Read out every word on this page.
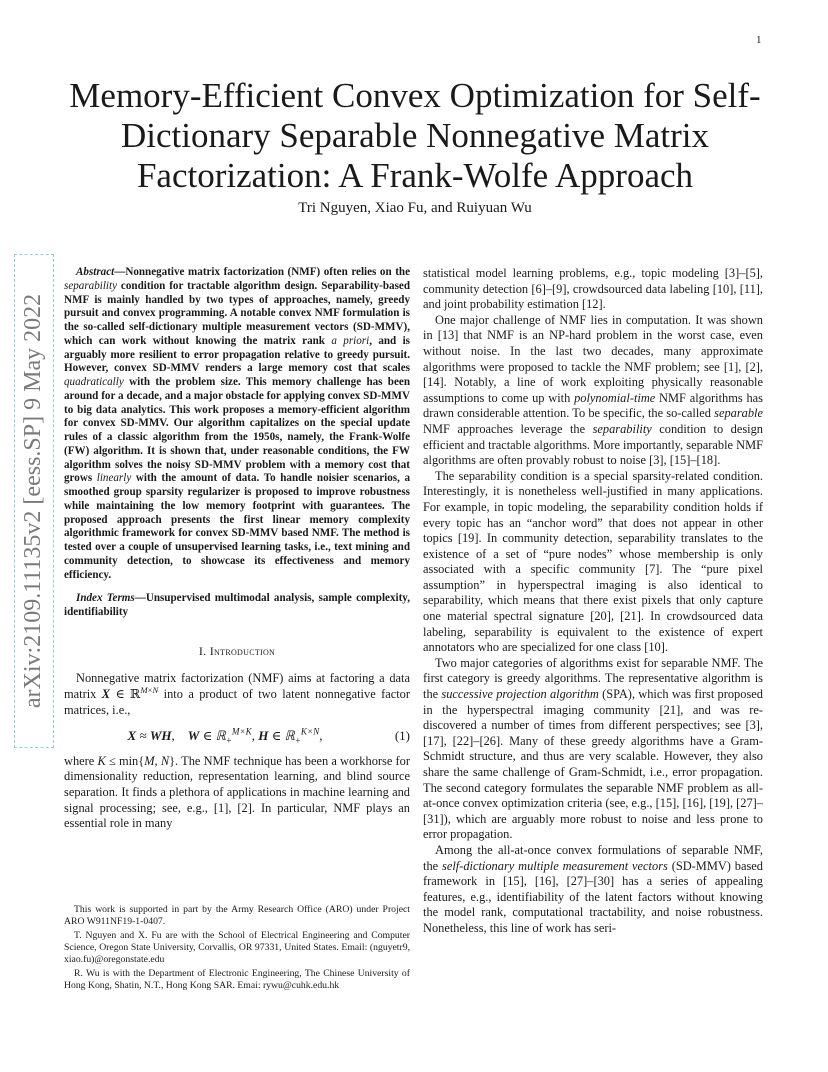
1
Memory-Efficient Convex Optimization for Self-Dictionary Separable Nonnegative Matrix Factorization: A Frank-Wolfe Approach
Tri Nguyen, Xiao Fu, and Ruiyuan Wu
arXiv:2109.11135v2 [eess.SP] 9 May 2022

Abstract—Nonnegative matrix factorization (NMF) often relies on the separability condition for tractable algorithm design. Separability-based NMF is mainly handled by two types of approaches, namely, greedy pursuit and convex programming. A notable convex NMF formulation is the so-called self-dictionary multiple measurement vectors (SD-MMV), which can work without knowing the matrix rank a priori, and is arguably more resilient to error propagation relative to greedy pursuit. However, convex SD-MMV renders a large memory cost that scales quadratically with the problem size. This memory challenge has been around for a decade, and a major obstacle for applying convex SD-MMV to big data analytics. This work proposes a memory-efficient algorithm for convex SD-MMV. Our algorithm capitalizes on the special update rules of a classic algorithm from the 1950s, namely, the Frank-Wolfe (FW) algorithm. It is shown that, under reasonable conditions, the FW algorithm solves the noisy SD-MMV problem with a memory cost that grows linearly with the amount of data. To handle noisier scenarios, a smoothed group sparsity regularizer is proposed to improve robustness while maintaining the low memory footprint with guarantees. The proposed approach presents the first linear memory complexity algorithmic framework for convex SD-MMV based NMF. The method is tested over a couple of unsupervised learning tasks, i.e., text mining and community detection, to showcase its effectiveness and memory efficiency.

Index Terms—Unsupervised multimodal analysis, sample complexity, identifiability

I. Introduction

Nonnegative matrix factorization (NMF) aims at factoring a data matrix X ∈ ℝ$^{M\times N}$ into a product of two latent nonnegative factor matrices, i.e.,

X ≈ WH,    W ∈ ℝ$_+^{M\times K}$, H ∈ ℝ$_+^{K\times N}$,	(1)

where K ≤ min{M, N}. The NMF technique has been a workhorse for dimensionality reduction, representation learning, and blind source separation. It finds a plethora of applications in machine learning and signal processing; see, e.g., [1], [2]. In particular, NMF plays an essential role in many

statistical model learning problems, e.g., topic modeling [3]–[5], community detection [6]–[9], crowdsourced data labeling [10], [11], and joint probability estimation [12].

One major challenge of NMF lies in computation. It was shown in [13] that NMF is an NP-hard problem in the worst case, even without noise. In the last two decades, many approximate algorithms were proposed to tackle the NMF problem; see [1], [2], [14]. Notably, a line of work exploiting physically reasonable assumptions to come up with polynomial-time NMF algorithms has drawn considerable attention. To be specific, the so-called separable NMF approaches leverage the separability condition to design efficient and tractable algorithms. More importantly, separable NMF algorithms are often provably robust to noise [3], [15]–[18].

The separability condition is a special sparsity-related condition. Interestingly, it is nonetheless well-justified in many applications. For example, in topic modeling, the separability condition holds if every topic has an “anchor word” that does not appear in other topics [19]. In community detection, separability translates to the existence of a set of “pure nodes” whose membership is only associated with a specific community [7]. The “pure pixel assumption” in hyperspectral imaging is also identical to separability, which means that there exist pixels that only capture one material spectral signature [20], [21]. In crowdsourced data labeling, separability is equivalent to the existence of expert annotators who are specialized for one class [10].

Two major categories of algorithms exist for separable NMF. The first category is greedy algorithms. The representative algorithm is the successive projection algorithm (SPA), which was first proposed in the hyperspectral imaging community [21], and was re-discovered a number of times from different perspectives; see [3], [17], [22]–[26]. Many of these greedy algorithms have a Gram-Schmidt structure, and thus are very scalable. However, they also share the same challenge of Gram-Schmidt, i.e., error propagation. The second category formulates the separable NMF problem as all-at-once convex optimization criteria (see, e.g., [15], [16], [19], [27]–[31]), which are arguably more robust to noise and less prone to error propagation.

Among the all-at-once convex formulations of separable NMF, the self-dictionary multiple measurement vectors (SD-MMV) based framework in [15], [16], [27]–[30] has a series of appealing features, e.g., identifiability of the latent factors without knowing the model rank, computational tractability, and noise robustness. Nonetheless, this line of work has seri-

This work is supported in part by the Army Research Office (ARO) under Project ARO W911NF19-1-0407.

T. Nguyen and X. Fu are with the School of Electrical Engineering and Computer Science, Oregon State University, Corvallis, OR 97331, United States. Email: (nguyetr9, xiao.fu)@oregonstate.edu

R. Wu is with the Department of Electronic Engineering, The Chinese University of Hong Kong, Shatin, N.T., Hong Kong SAR. Emai: rywu@cuhk.edu.hk
